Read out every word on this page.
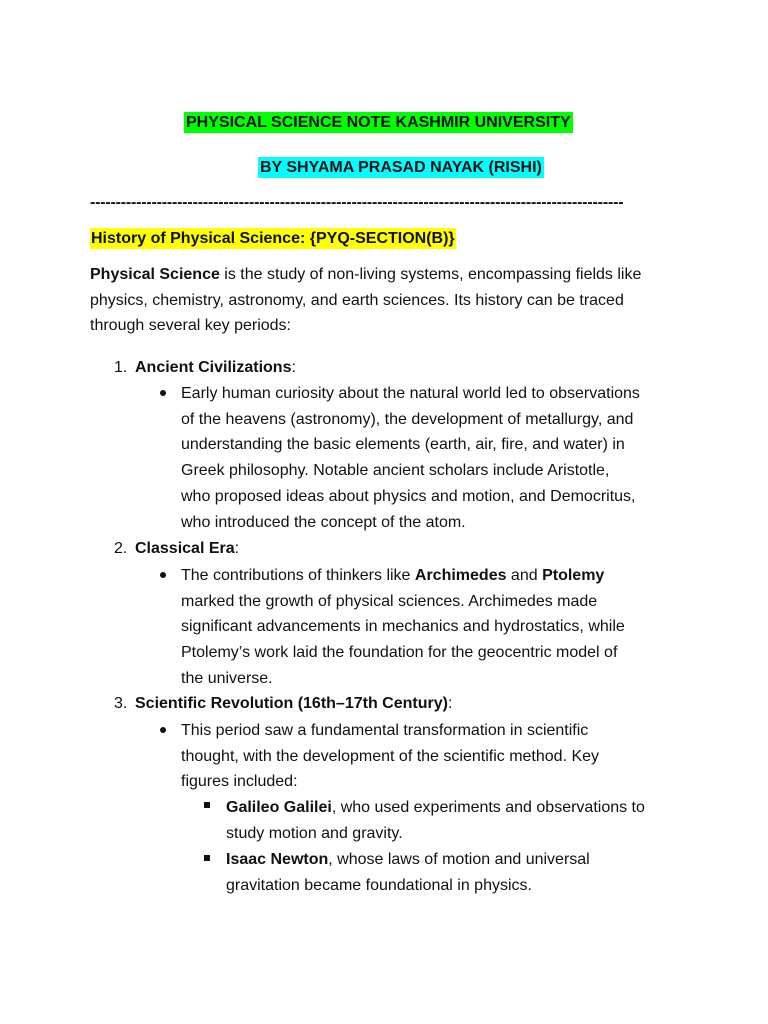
PHYSICAL SCIENCE NOTE KASHMIR UNIVERSITY
BY SHYAMA PRASAD NAYAK (RISHI)
--------------------------------------------------------------------------------------------------------
History of Physical Science: {PYQ-SECTION(B)}
Physical Science is the study of non-living systems, encompassing fields like
physics, chemistry, astronomy, and earth sciences. Its history can be traced
through several key periods:
1. Ancient Civilizations:
Early human curiosity about the natural world led to observations
of the heavens (astronomy), the development of metallurgy, and
understanding the basic elements (earth, air, fire, and water) in
Greek philosophy. Notable ancient scholars include Aristotle,
who proposed ideas about physics and motion, and Democritus,
who introduced the concept of the atom.
2. Classical Era:
The contributions of thinkers like Archimedes and Ptolemy
marked the growth of physical sciences. Archimedes made
significant advancements in mechanics and hydrostatics, while
Ptolemy’s work laid the foundation for the geocentric model of
the universe.
3. Scientific Revolution (16th–17th Century):
This period saw a fundamental transformation in scientific
thought, with the development of the scientific method. Key
figures included:
Galileo Galilei, who used experiments and observations to
study motion and gravity.
Isaac Newton, whose laws of motion and universal
gravitation became foundational in physics.
